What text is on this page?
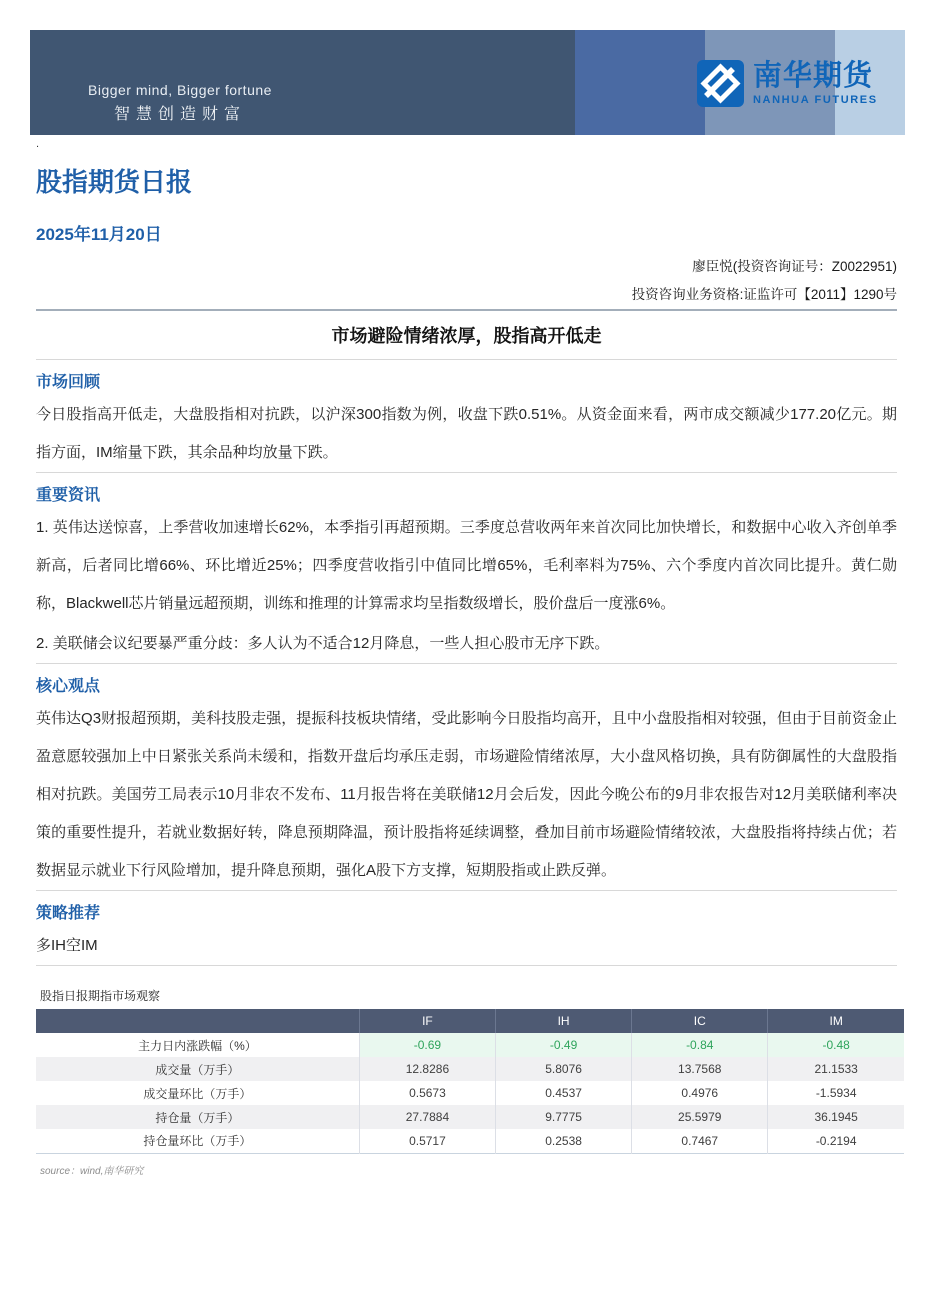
Bigger mind, Bigger fortune
智慧创造财富
南华期货
NANHUA FUTURES
.
股指期货日报
2025年11月20日
廖臣悦(投资咨询证号：Z0022951)
投资咨询业务资格:证监许可【2011】1290号
市场避险情绪浓厚，股指高开低走
市场回顾

今日股指高开低走，大盘股指相对抗跌，以沪深300指数为例，收盘下跌0.51%。从资金面来看，两市成交额减少177.20亿元。期指方面，IM缩量下跌，其余品种均放量下跌。

重要资讯

1. 英伟达送惊喜，上季营收加速增长62%，本季指引再超预期。三季度总营收两年来首次同比加快增长，和数据中心收入齐创单季新高，后者同比增66%、环比增近25%；四季度营收指引中值同比增65%，毛利率料为75%、六个季度内首次同比提升。黄仁勋称，Blackwell芯片销量远超预期，训练和推理的计算需求均呈指数级增长，股价盘后一度涨6%。

2. 美联储会议纪要暴严重分歧：多人认为不适合12月降息，一些人担心股市无序下跌。

核心观点

英伟达Q3财报超预期，美科技股走强，提振科技板块情绪，受此影响今日股指均高开，且中小盘股指相对较强，但由于目前资金止盈意愿较强加上中日紧张关系尚未缓和，指数开盘后均承压走弱，市场避险情绪浓厚，大小盘风格切换，具有防御属性的大盘股指相对抗跌。美国劳工局表示10月非农不发布、11月报告将在美联储12月会后发，因此今晚公布的9月非农报告对12月美联储利率决策的重要性提升，若就业数据好转，降息预期降温，预计股指将延续调整，叠加目前市场避险情绪较浓，大盘股指将持续占优；若数据显示就业下行风险增加，提升降息预期，强化A股下方支撑，短期股指或止跌反弹。

策略推荐

多IH空IM

股指日报期指市场观察
	IF	IH	IC	IM
主力日内涨跌幅（%）	-0.69	-0.49	-0.84	-0.48
成交量（万手）	12.8286	5.8076	13.7568	21.1533
成交量环比（万手）	0.5673	0.4537	0.4976	-1.5934
持仓量（万手）	27.7884	9.7775	25.5979	36.1945
持仓量环比（万手）	0.5717	0.2538	0.7467	-0.2194
source：wind,南华研究
